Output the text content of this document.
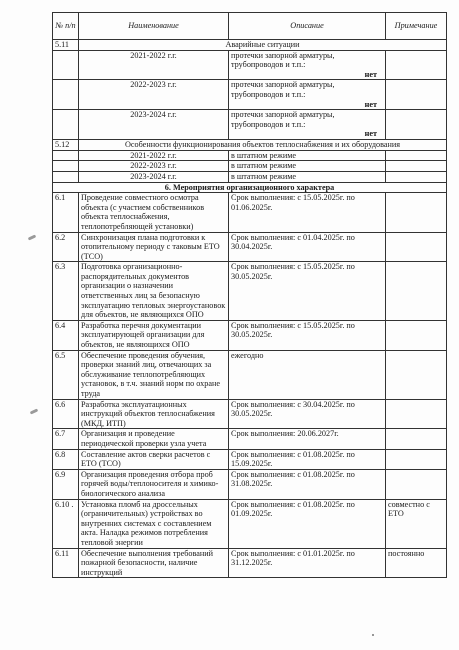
№ п/п	Наименование	Описание	Примечание
5.11	Аварийные ситуации		
	2021-2022 г.г.	протечки запорной арматуры, трубопроводов и т.п.:
нет	

	2022-2023 г.г.	протечки запорной арматуры, трубопроводов и т.п.:
нет	

	2023-2024 г.г.	протечки запорной арматуры, трубопроводов и т.п.:
нет	

5.12	Особенности функционирования объектов теплоснабжения и их оборудования		
	2021-2022 г.г.	в штатном режиме	
	2022-2023 г.г.	в штатном режиме	
	2023-2024 г.г.	в штатном режиме	
6. Мероприятия организационного характера			
6.1	Проведение совместного осмотра объекта (с участием собственников объекта теплоснабжения, теплопотребляющей установки)	Срок выполнения: с 15.05.2025г. по 01.06.2025г.	
6.2	Синхронизация плана подготовки к отопительному периоду с таковым ЕТО (ТСО)	Срок выполнения: с 01.04.2025г. по 30.04.2025г.	
6.3	Подготовка организационно-распорядительных документов организации о назначении ответственных лиц за безопасную эксплуатацию тепловых энергоустановок для объектов, не являющихся ОПО	Срок выполнения: с 15.05.2025г. по 30.05.2025г.	
6.4	Разработка перечня документации эксплуатирующей организации для объектов, не являющихся ОПО	Срок выполнения: с 15.05.2025г. по 30.05.2025г.	
6.5	Обеспечение проведения обучения, проверки знаний лиц, отвечающих за обслуживание теплопотребляющих установок, в т.ч. знаний норм по охране труда	ежегодно	
6.6	Разработка эксплуатационных инструкций объектов теплоснабжения (МКД, ИТП)	Срок выполнения: с 30.04.2025г. по 30.05.2025г.	
6.7	Организация и проведение периодической проверки узла учета	Срок выполнения: 20.06.2027г.	
6.8	Составление актов сверки расчетов с ЕТО (ТСО)	Срок выполнения: с 01.08.2025г. по 15.09.2025г.	
6.9	Организация проведения отбора проб горячей воды/теплоносителя и химико-биологического анализа	Срок выполнения: с 01.08.2025г. по 31.08.2025г.	
6.10 .	Установка пломб на дроссельных (ограничительных) устройствах во внутренних системах с составлением акта. Наладка режимов потребления тепловой энергии	Срок выполнения: с 01.08.2025г. по 01.09.2025г.	совместно с ЕТО
6.11	Обеспечение выполнения требований пожарной безопасности, наличие инструкций	Срок выполнения: с 01.01.2025г. по 31.12.2025г.	постоянно
